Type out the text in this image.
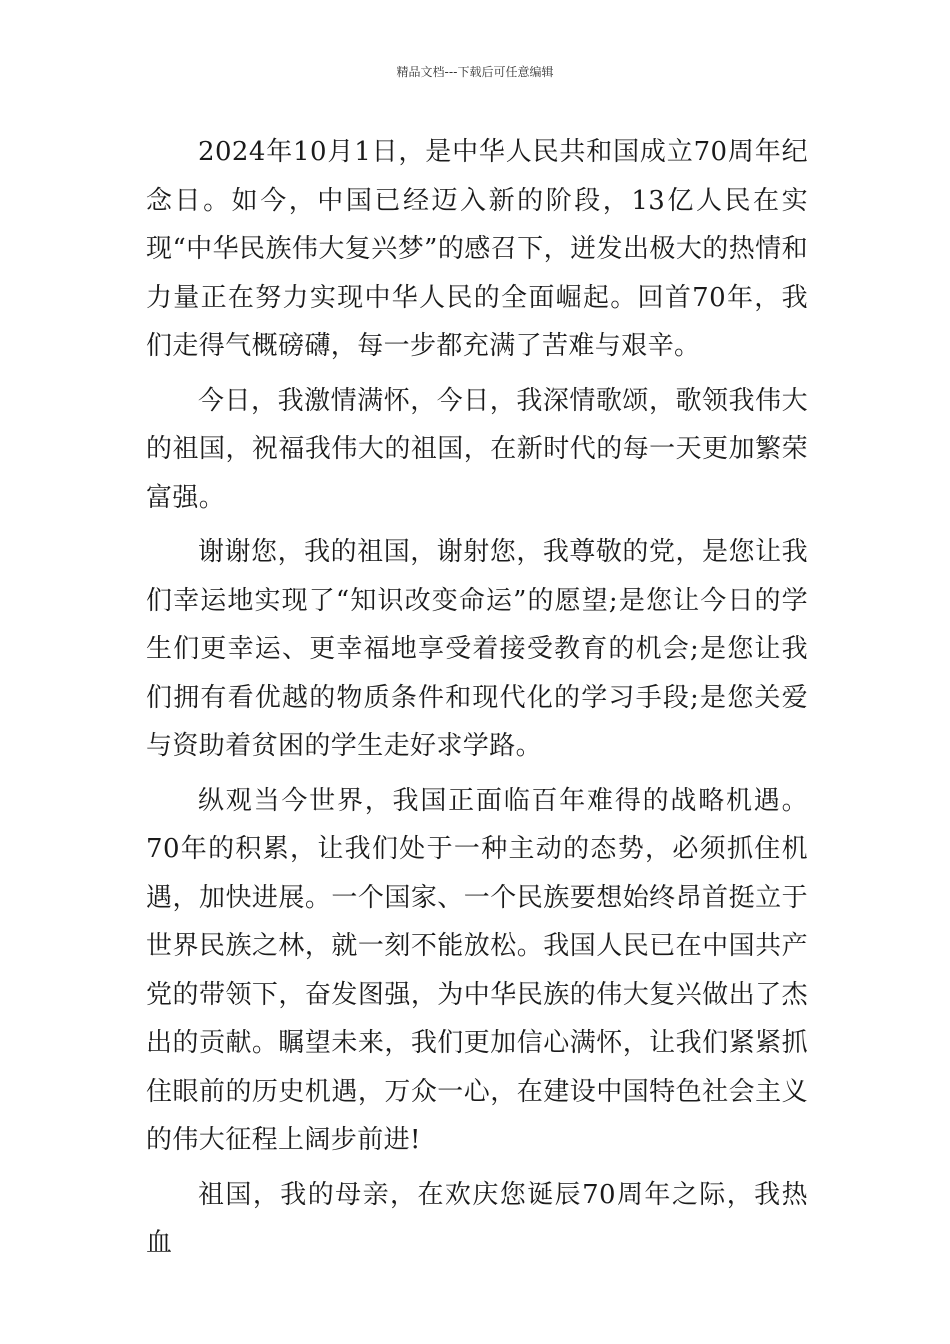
精品文档---下载后可任意编辑

2024年10月1日，是中华人民共和国成立70周年纪念日。如今，中国已经迈入新的阶段，13亿人民在实现“中华民族伟大复兴梦”的感召下，迸发出极大的热情和力量正在努力实现中华人民的全面崛起。回首70年，我们走得气概磅礴，每一步都充满了苦难与艰辛。

今日，我激情满怀，今日，我深情歌颂，歌领我伟大的祖国，祝福我伟大的祖国，在新时代的每一天更加繁荣富强。

谢谢您，我的祖国，谢射您，我尊敬的党，是您让我们幸运地实现了“知识改变命运”的愿望;是您让今日的学生们更幸运、更幸福地享受着接受教育的机会;是您让我们拥有看优越的物质条件和现代化的学习手段;是您关爱与资助着贫困的学生走好求学路。

纵观当今世界，我国正面临百年难得的战略机遇。70年的积累，让我们处于一种主动的态势，必须抓住机遇，加快进展。一个国家、一个民族要想始终昂首挺立于世界民族之林，就一刻不能放松。我国人民已在中国共产党的带领下，奋发图强，为中华民族的伟大复兴做出了杰出的贡献。瞩望未来，我们更加信心满怀，让我们紧紧抓住眼前的历史机遇，万众一心，在建设中国特色社会主义的伟大征程上阔步前进!

祖国，我的母亲，在欢庆您诞辰70周年之际，我热血
